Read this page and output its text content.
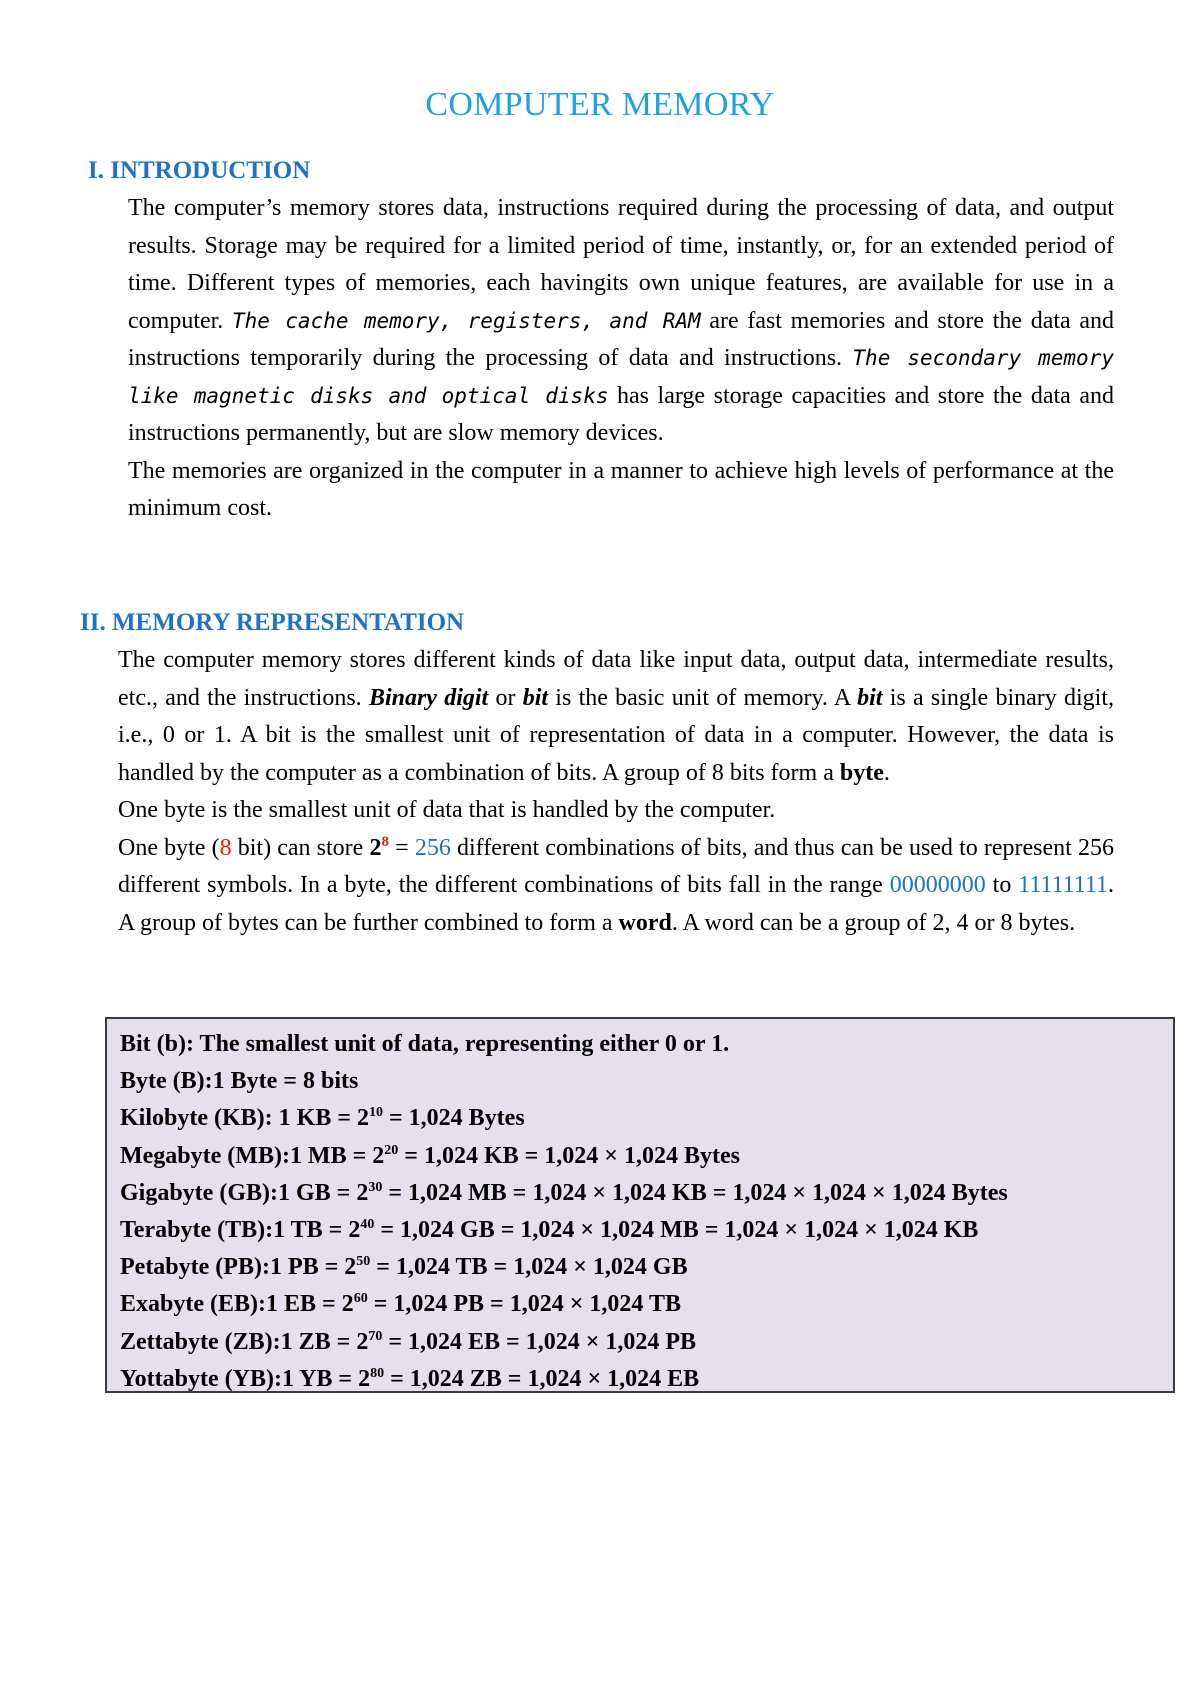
COMPUTER MEMORY
I. INTRODUCTION

The computer’s memory stores data, instructions required during the processing of data, and output results. Storage may be required for a limited period of time, instantly, or, for an extended period of time. Different types of memories, each havingits own unique features, are available for use in a computer. The cache memory, registers, and RAM are fast memories and store the data and instructions temporarily during the processing of data and instructions. The secondary memory like magnetic disks and optical disks has large storage capacities and store the data and instructions permanently, but are slow memory devices.

The memories are organized in the computer in a manner to achieve high levels of performance at the minimum cost.

II. MEMORY REPRESENTATION

The computer memory stores different kinds of data like input data, output data, intermediate results, etc., and the instructions. Binary digit or bit is the basic unit of memory. A bit is a single binary digit, i.e., 0 or 1. A bit is the smallest unit of representation of data in a computer. However, the data is handled by the computer as a combination of bits. A group of 8 bits form a byte.

One byte is the smallest unit of data that is handled by the computer.

One byte (8 bit) can store $2^8 = 256$ different combinations of bits, and thus can be used to represent 256 different symbols. In a byte, the different combinations of bits fall in the range 00000000 to 11111111. A group of bytes can be further combined to form a word. A word can be a group of 2, 4 or 8 bytes.

Bit (b): The smallest unit of data, representing either 0 or 1.
Byte (B):1 Byte = 8 bits
Kilobyte (KB): 1 KB = $2^{10} = 1,024$ Bytes
Megabyte (MB):1 MB = $2^{20} = 1,024$ KB = 1,024 × 1,024 Bytes
Gigabyte (GB):1 GB = $2^{30} = 1,024$ MB = 1,024 × 1,024 KB = 1,024 × 1,024 × 1,024 Bytes
Terabyte (TB):1 TB = $2^{40} = 1,024$ GB = 1,024 × 1,024 MB = 1,024 × 1,024 × 1,024 KB
Petabyte (PB):1 PB = $2^{50} = 1,024$ TB = 1,024 × 1,024 GB
Exabyte (EB):1 EB = $2^{60} = 1,024$ PB = 1,024 × 1,024 TB
Zettabyte (ZB):1 ZB = $2^{70} = 1,024$ EB = 1,024 × 1,024 PB
Yottabyte (YB):1 YB = $2^{80} = 1,024$ ZB = 1,024 × 1,024 EB
